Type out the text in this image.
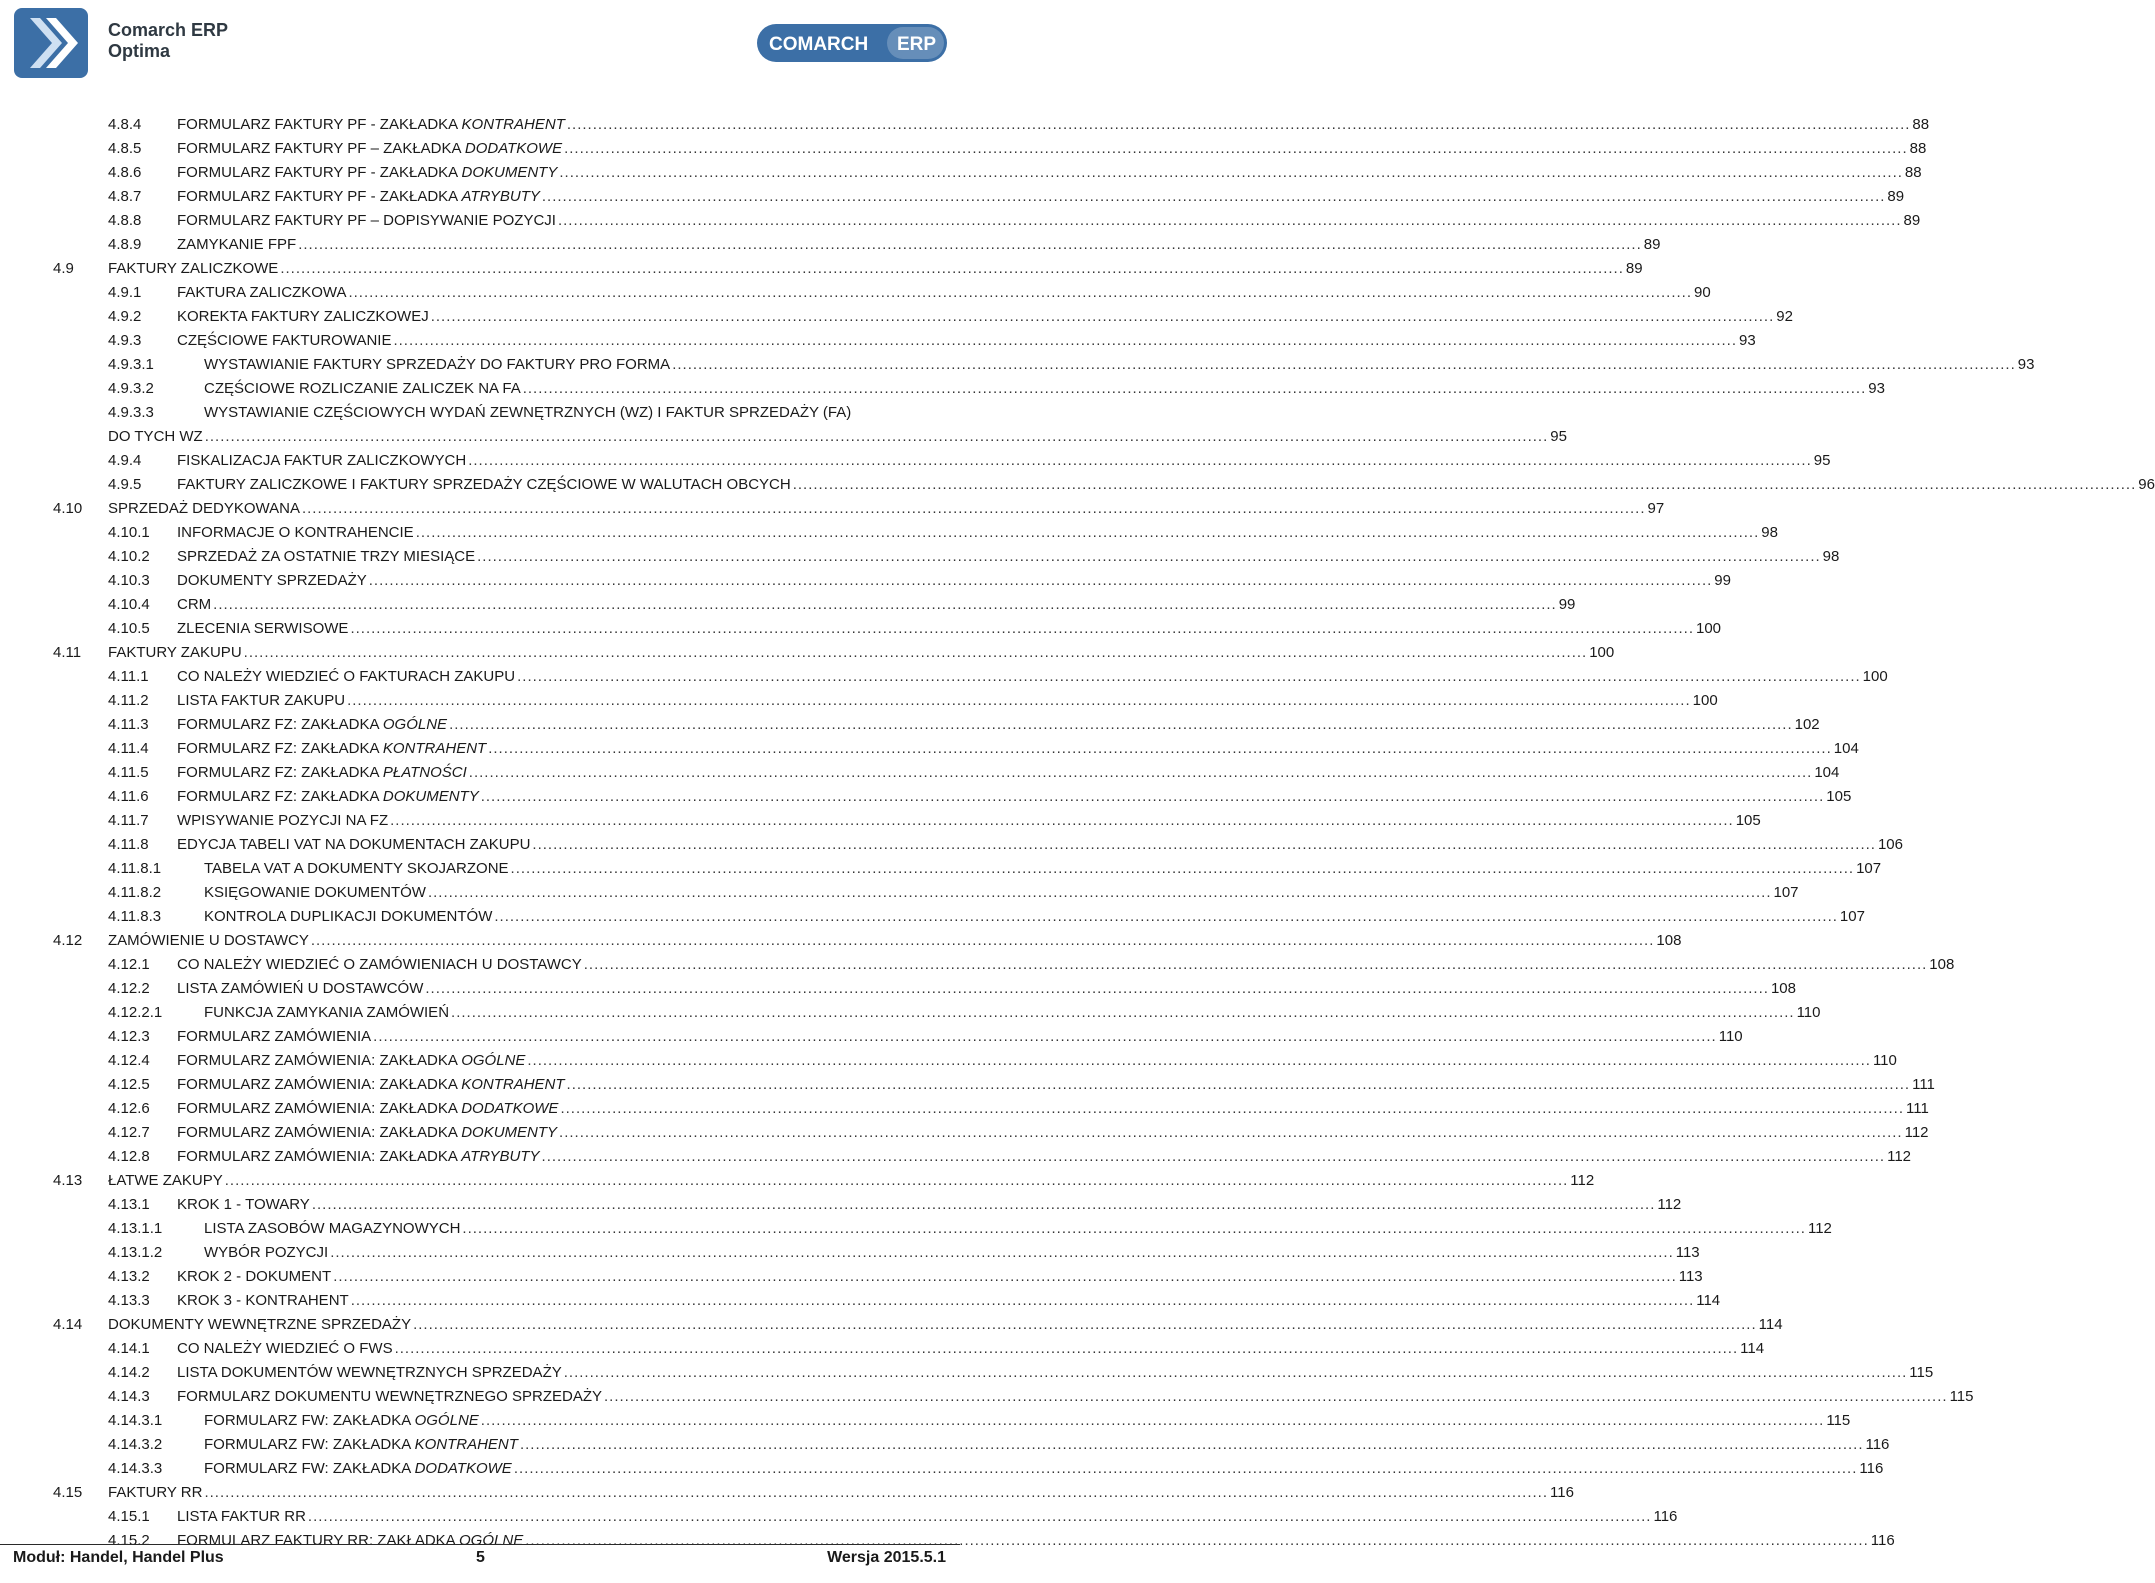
Comarch ERP
Optima	COMARCH ERP
4.8.4 FORMULARZ FAKTURY PF - ZAKŁADKA KONTRAHENT .................................................................................................................................................................................................................................................................... 88
4.8.5 FORMULARZ FAKTURY PF – ZAKŁADKA DODATKOWE .................................................................................................................................................................................................................................................................... 88
4.8.6 FORMULARZ FAKTURY PF - ZAKŁADKA DOKUMENTY .................................................................................................................................................................................................................................................................... 88
4.8.7 FORMULARZ FAKTURY PF - ZAKŁADKA ATRYBUTY .................................................................................................................................................................................................................................................................... 89
4.8.8 FORMULARZ FAKTURY PF – DOPISYWANIE POZYCJI .................................................................................................................................................................................................................................................................... 89
4.8.9 ZAMYKANIE FPF .................................................................................................................................................................................................................................................................... 89
4.9 FAKTURY ZALICZKOWE .................................................................................................................................................................................................................................................................... 89
4.9.1 FAKTURA ZALICZKOWA .................................................................................................................................................................................................................................................................... 90
4.9.2 KOREKTA FAKTURY ZALICZKOWEJ .................................................................................................................................................................................................................................................................... 92
4.9.3 CZĘŚCIOWE FAKTUROWANIE .................................................................................................................................................................................................................................................................... 93
4.9.3.1	WYSTAWIANIE FAKTURY SPRZEDAŻY DO FAKTURY PRO FORMA .................................................................................................................................................................................................................................................................... 93
4.9.3.2	CZĘŚCIOWE ROZLICZANIE ZALICZEK NA FA .................................................................................................................................................................................................................................................................... 93
4.9.3.3	WYSTAWIANIE CZĘŚCIOWYCH WYDAŃ ZEWNĘTRZNYCH (WZ) I FAKTUR SPRZEDAŻY (FA)
DO TYCH WZ .................................................................................................................................................................................................................................................................... 95
4.9.4 FISKALIZACJA FAKTUR ZALICZKOWYCH .................................................................................................................................................................................................................................................................... 95
4.9.5 FAKTURY ZALICZKOWE I FAKTURY SPRZEDAŻY CZĘŚCIOWE W WALUTACH OBCYCH .................................................................................................................................................................................................................................................................... 96
4.10 SPRZEDAŻ DEDYKOWANA .................................................................................................................................................................................................................................................................... 97
4.10.1 INFORMACJE O KONTRAHENCIE .................................................................................................................................................................................................................................................................... 98
4.10.2 SPRZEDAŻ ZA OSTATNIE TRZY MIESIĄCE .................................................................................................................................................................................................................................................................... 98
4.10.3 DOKUMENTY SPRZEDAŻY .................................................................................................................................................................................................................................................................... 99
4.10.4 CRM .................................................................................................................................................................................................................................................................... 99
4.10.5 ZLECENIA SERWISOWE .................................................................................................................................................................................................................................................................... 100
4.11 FAKTURY ZAKUPU .................................................................................................................................................................................................................................................................... 100
4.11.1 CO NALEŻY WIEDZIEĆ O FAKTURACH ZAKUPU .................................................................................................................................................................................................................................................................... 100
4.11.2 LISTA FAKTUR ZAKUPU .................................................................................................................................................................................................................................................................... 100
4.11.3 FORMULARZ FZ: ZAKŁADKA OGÓLNE .................................................................................................................................................................................................................................................................... 102
4.11.4 FORMULARZ FZ: ZAKŁADKA KONTRAHENT .................................................................................................................................................................................................................................................................... 104
4.11.5 FORMULARZ FZ: ZAKŁADKA PŁATNOŚCI .................................................................................................................................................................................................................................................................... 104
4.11.6 FORMULARZ FZ: ZAKŁADKA DOKUMENTY .................................................................................................................................................................................................................................................................... 105
4.11.7 WPISYWANIE POZYCJI NA FZ .................................................................................................................................................................................................................................................................... 105
4.11.8 EDYCJA TABELI VAT NA DOKUMENTACH ZAKUPU .................................................................................................................................................................................................................................................................... 106
4.11.8.1	TABELA VAT A DOKUMENTY SKOJARZONE .................................................................................................................................................................................................................................................................... 107
4.11.8.2	KSIĘGOWANIE DOKUMENTÓW .................................................................................................................................................................................................................................................................... 107
4.11.8.3	KONTROLA DUPLIKACJI DOKUMENTÓW .................................................................................................................................................................................................................................................................... 107
4.12 ZAMÓWIENIE U DOSTAWCY .................................................................................................................................................................................................................................................................... 108
4.12.1 CO NALEŻY WIEDZIEĆ O ZAMÓWIENIACH U DOSTAWCY .................................................................................................................................................................................................................................................................... 108
4.12.2 LISTA ZAMÓWIEŃ U DOSTAWCÓW .................................................................................................................................................................................................................................................................... 108
4.12.2.1	FUNKCJA ZAMYKANIA ZAMÓWIEŃ .................................................................................................................................................................................................................................................................... 110
4.12.3 FORMULARZ ZAMÓWIENIA .................................................................................................................................................................................................................................................................... 110
4.12.4 FORMULARZ ZAMÓWIENIA: ZAKŁADKA OGÓLNE .................................................................................................................................................................................................................................................................... 110
4.12.5 FORMULARZ ZAMÓWIENIA: ZAKŁADKA KONTRAHENT .................................................................................................................................................................................................................................................................... 111
4.12.6 FORMULARZ ZAMÓWIENIA: ZAKŁADKA DODATKOWE .................................................................................................................................................................................................................................................................... 111
4.12.7 FORMULARZ ZAMÓWIENIA: ZAKŁADKA DOKUMENTY .................................................................................................................................................................................................................................................................... 112
4.12.8 FORMULARZ ZAMÓWIENIA: ZAKŁADKA ATRYBUTY .................................................................................................................................................................................................................................................................... 112
4.13 ŁATWE ZAKUPY .................................................................................................................................................................................................................................................................... 112
4.13.1 KROK 1 - TOWARY .................................................................................................................................................................................................................................................................... 112
4.13.1.1	LISTA ZASOBÓW MAGAZYNOWYCH .................................................................................................................................................................................................................................................................... 112
4.13.1.2	WYBÓR POZYCJI .................................................................................................................................................................................................................................................................... 113
4.13.2 KROK 2 - DOKUMENT .................................................................................................................................................................................................................................................................... 113
4.13.3 KROK 3 - KONTRAHENT .................................................................................................................................................................................................................................................................... 114
4.14 DOKUMENTY WEWNĘTRZNE SPRZEDAŻY .................................................................................................................................................................................................................................................................... 114
4.14.1 CO NALEŻY WIEDZIEĆ O FWS .................................................................................................................................................................................................................................................................... 114
4.14.2 LISTA DOKUMENTÓW WEWNĘTRZNYCH SPRZEDAŻY .................................................................................................................................................................................................................................................................... 115
4.14.3 FORMULARZ DOKUMENTU WEWNĘTRZNEGO SPRZEDAŻY .................................................................................................................................................................................................................................................................... 115
4.14.3.1	FORMULARZ FW: ZAKŁADKA OGÓLNE .................................................................................................................................................................................................................................................................... 115
4.14.3.2	FORMULARZ FW: ZAKŁADKA KONTRAHENT .................................................................................................................................................................................................................................................................... 116
4.14.3.3	FORMULARZ FW: ZAKŁADKA DODATKOWE .................................................................................................................................................................................................................................................................... 116
4.15 FAKTURY RR .................................................................................................................................................................................................................................................................... 116
4.15.1 LISTA FAKTUR RR .................................................................................................................................................................................................................................................................... 116
4.15.2 FORMULARZ FAKTURY RR: ZAKŁADKA OGÓLNE .................................................................................................................................................................................................................................................................... 116
Moduł: Handel, Handel Plus	5	Wersja 2015.5.1
